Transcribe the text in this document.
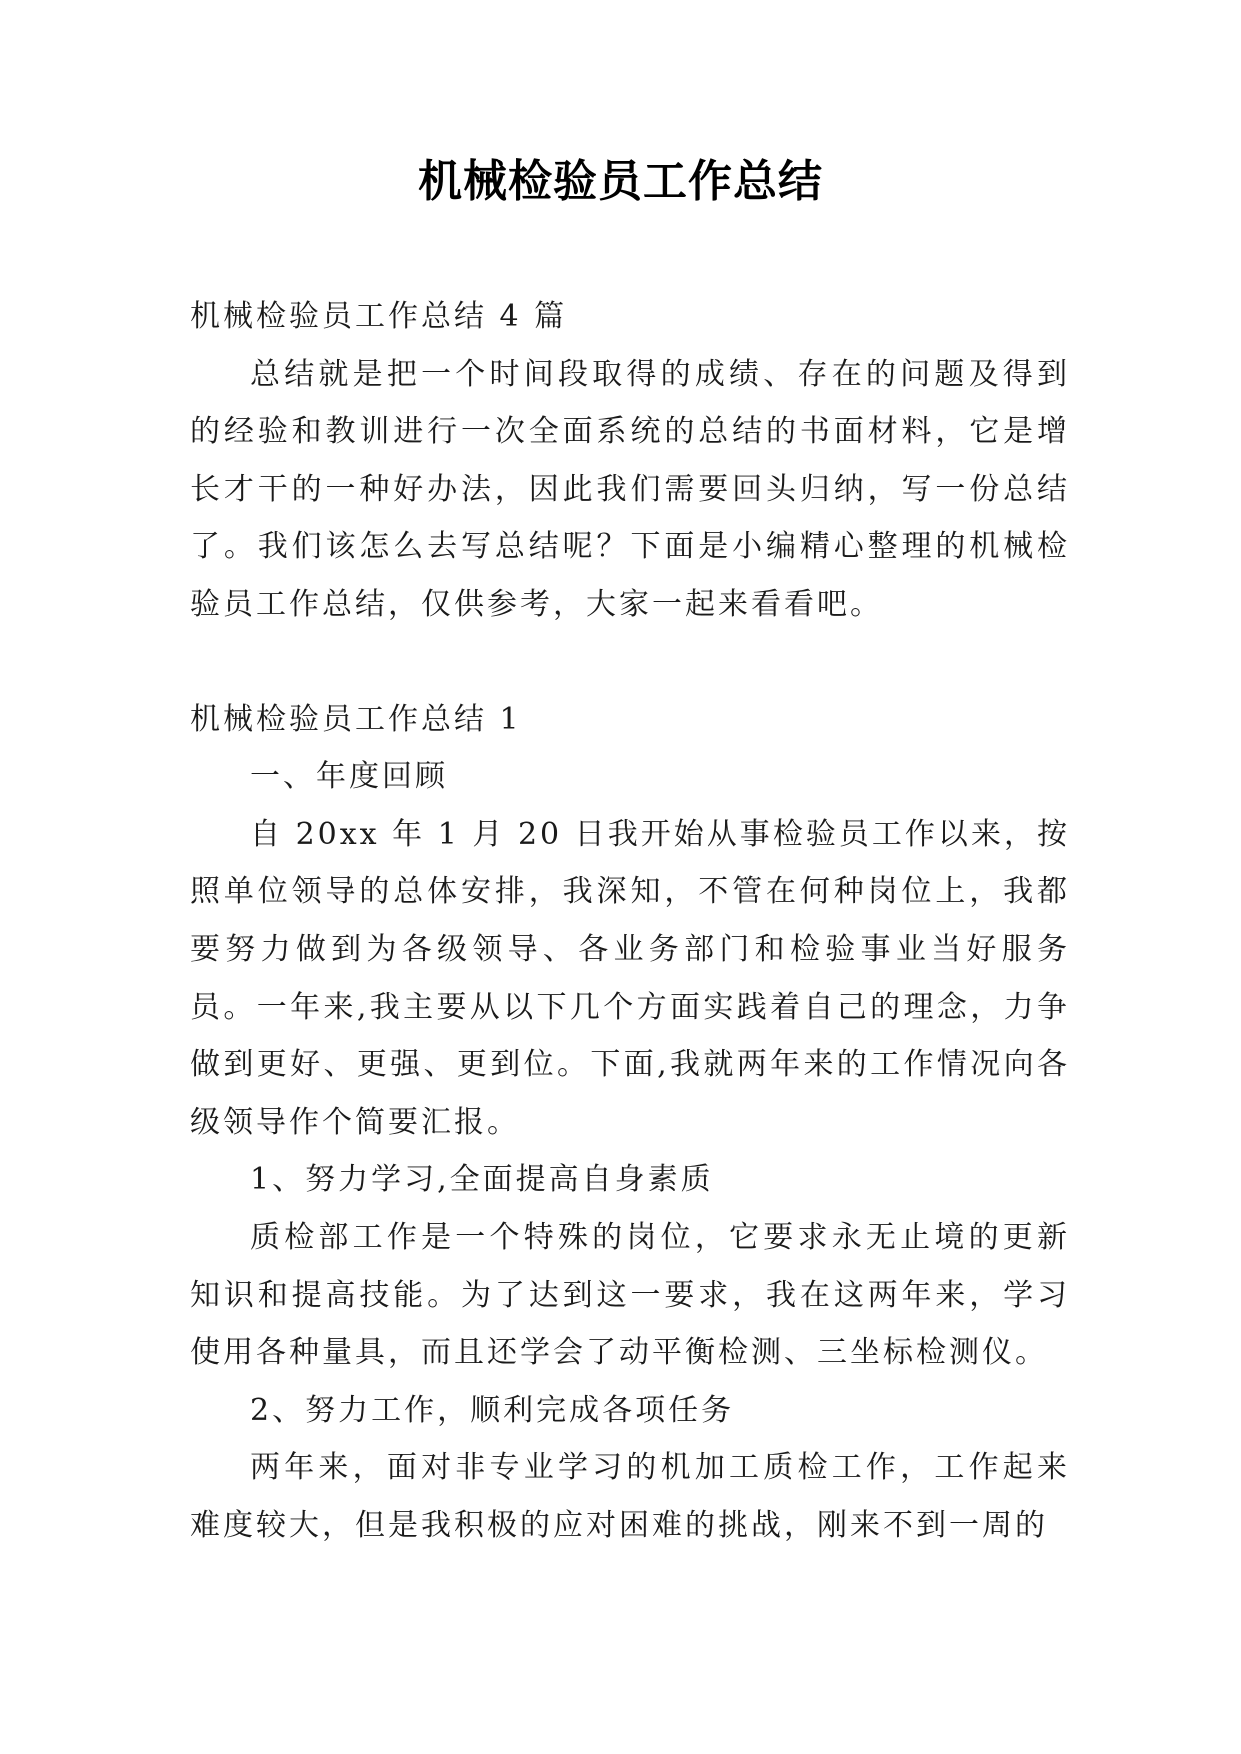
机械检验员工作总结

机械检验员工作总结 4 篇

总结就是把一个时间段取得的成绩、存在的问题及得到的经验和教训进行一次全面系统的总结的书面材料，它是增长才干的一种好办法，因此我们需要回头归纳，写一份总结了。我们该怎么去写总结呢？下面是小编精心整理的机械检验员工作总结，仅供参考，大家一起来看看吧。

机械检验员工作总结 1

一、年度回顾

自 20xx 年 1 月 20 日我开始从事检验员工作以来，按照单位领导的总体安排，我深知，不管在何种岗位上，我都要努力做到为各级领导、各业务部门和检验事业当好服务员。一年来,我主要从以下几个方面实践着自己的理念，力争做到更好、更强、更到位。下面,我就两年来的工作情况向各级领导作个简要汇报。

1、努力学习,全面提高自身素质

质检部工作是一个特殊的岗位，它要求永无止境的更新知识和提高技能。为了达到这一要求，我在这两年来，学习使用各种量具，而且还学会了动平衡检测、三坐标检测仪。

2、努力工作，顺利完成各项任务

两年来，面对非专业学习的机加工质检工作，工作起来难度较大，但是我积极的应对困难的挑战，刚来不到一周的
